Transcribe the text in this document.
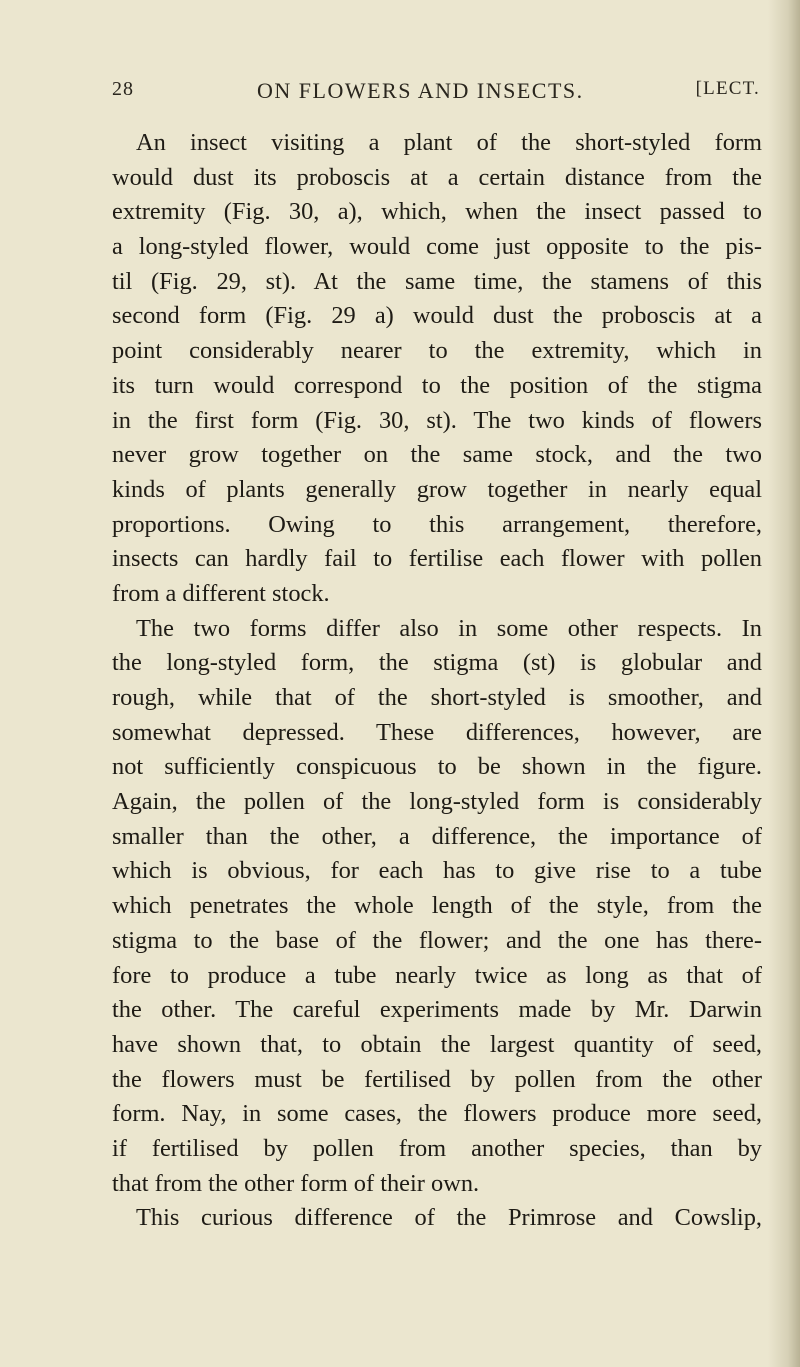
28	ON FLOWERS AND INSECTS.	[LECT.
An insect visiting a plant of the short-styled form
would dust its proboscis at a certain distance from the
extremity (Fig. 30, a), which, when the insect passed to
a long-styled flower, would come just opposite to the pis-
til (Fig. 29, st). At the same time, the stamens of this
second form (Fig. 29 a) would dust the proboscis at a
point considerably nearer to the extremity, which in
its turn would correspond to the position of the stigma
in the first form (Fig. 30, st). The two kinds of flowers
never grow together on the same stock, and the two
kinds of plants generally grow together in nearly equal
proportions. Owing to this arrangement, therefore,
insects can hardly fail to fertilise each flower with pollen
from a different stock.
The two forms differ also in some other respects. In
the long-styled form, the stigma (st) is globular and
rough, while that of the short-styled is smoother, and
somewhat depressed. These differences, however, are
not sufficiently conspicuous to be shown in the figure.
Again, the pollen of the long-styled form is considerably
smaller than the other, a difference, the importance of
which is obvious, for each has to give rise to a tube
which penetrates the whole length of the style, from the
stigma to the base of the flower; and the one has there-
fore to produce a tube nearly twice as long as that of
the other. The careful experiments made by Mr. Darwin
have shown that, to obtain the largest quantity of seed,
the flowers must be fertilised by pollen from the other
form. Nay, in some cases, the flowers produce more seed,
if fertilised by pollen from another species, than by
that from the other form of their own.
This curious difference of the Primrose and Cowslip,
